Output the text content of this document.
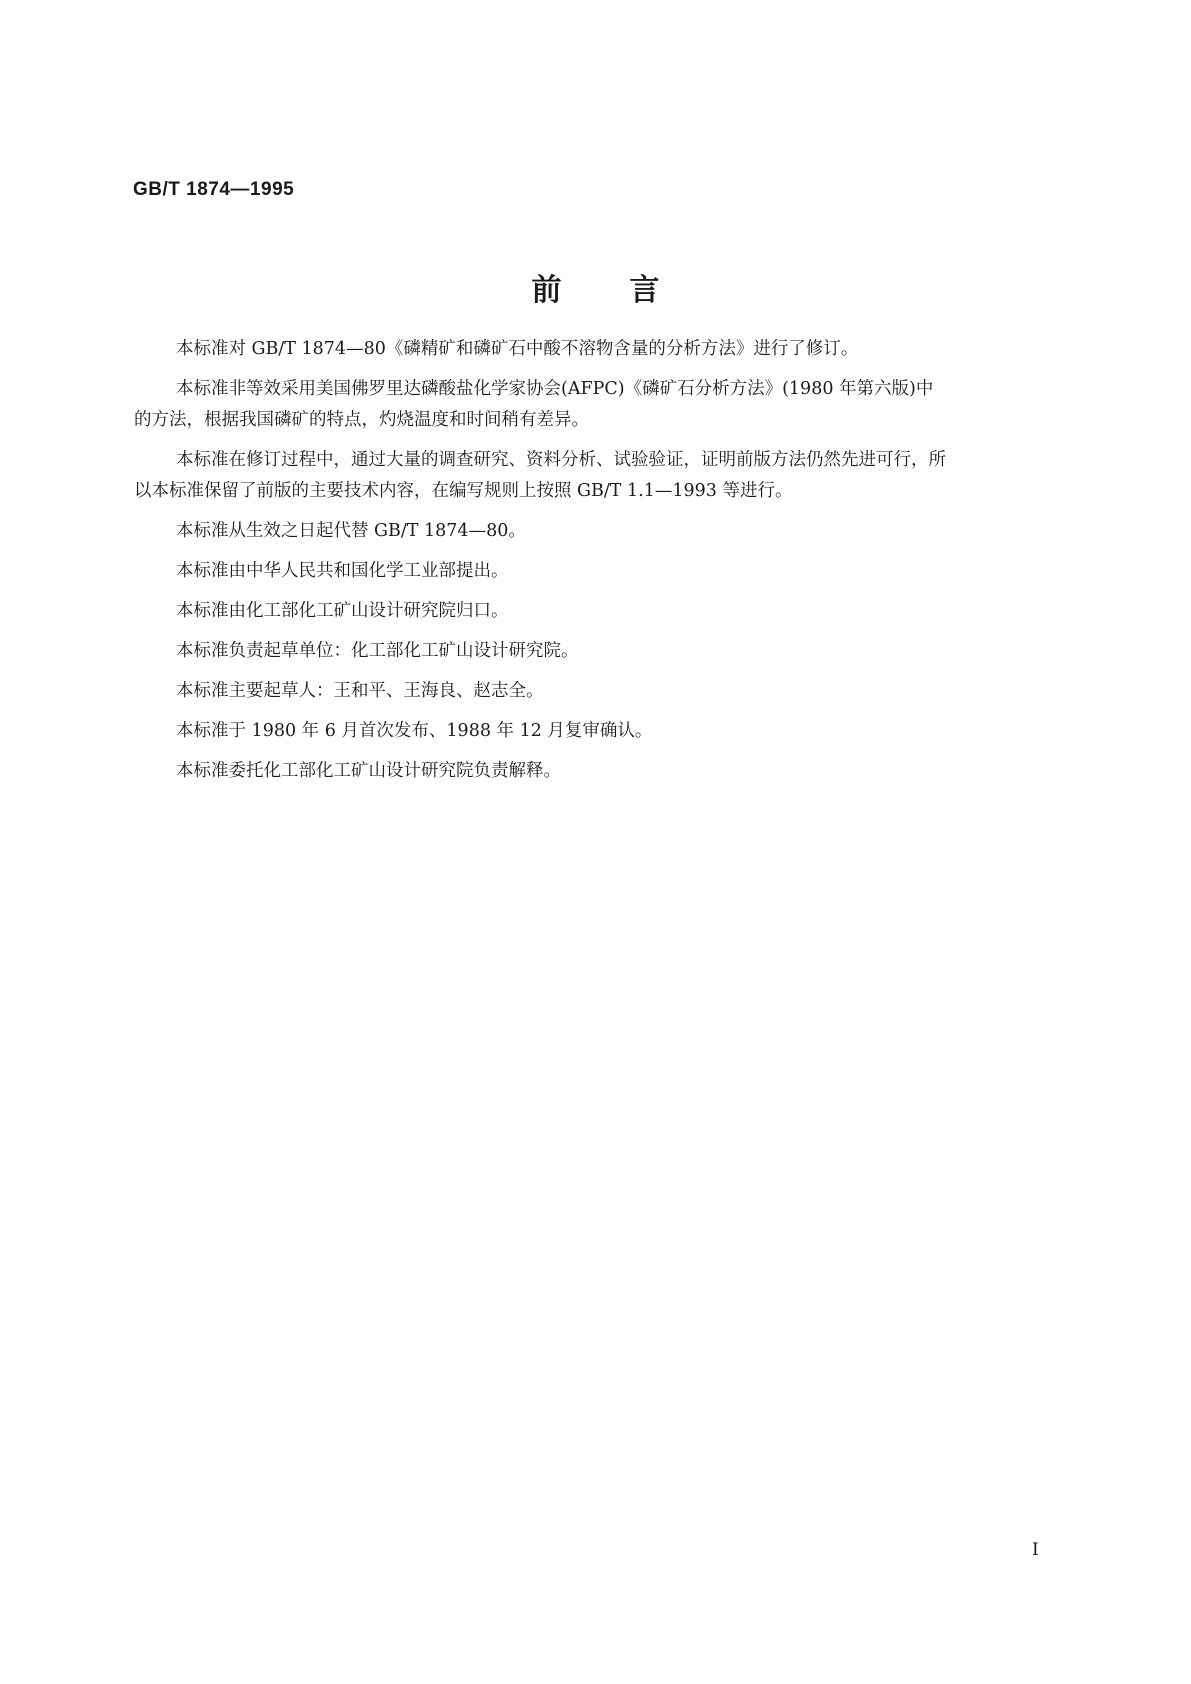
GB/T 1874—1995
前言

本标准对 GB/T 1874—80《磷精矿和磷矿石中酸不溶物含量的分析方法》进行了修订。

本标准非等效采用美国佛罗里达磷酸盐化学家协会(AFPC)《磷矿石分析方法》(1980 年第六版)中
的方法，根据我国磷矿的特点，灼烧温度和时间稍有差异。

本标准在修订过程中，通过大量的调查研究、资料分析、试验验证，证明前版方法仍然先进可行，所
以本标准保留了前版的主要技术内容，在编写规则上按照 GB/T 1.1—1993 等进行。

本标准从生效之日起代替 GB/T 1874—80。

本标准由中华人民共和国化学工业部提出。

本标准由化工部化工矿山设计研究院归口。

本标准负责起草单位：化工部化工矿山设计研究院。

本标准主要起草人：王和平、王海良、赵志全。

本标准于 1980 年 6 月首次发布、1988 年 12 月复审确认。

本标准委托化工部化工矿山设计研究院负责解释。

I
